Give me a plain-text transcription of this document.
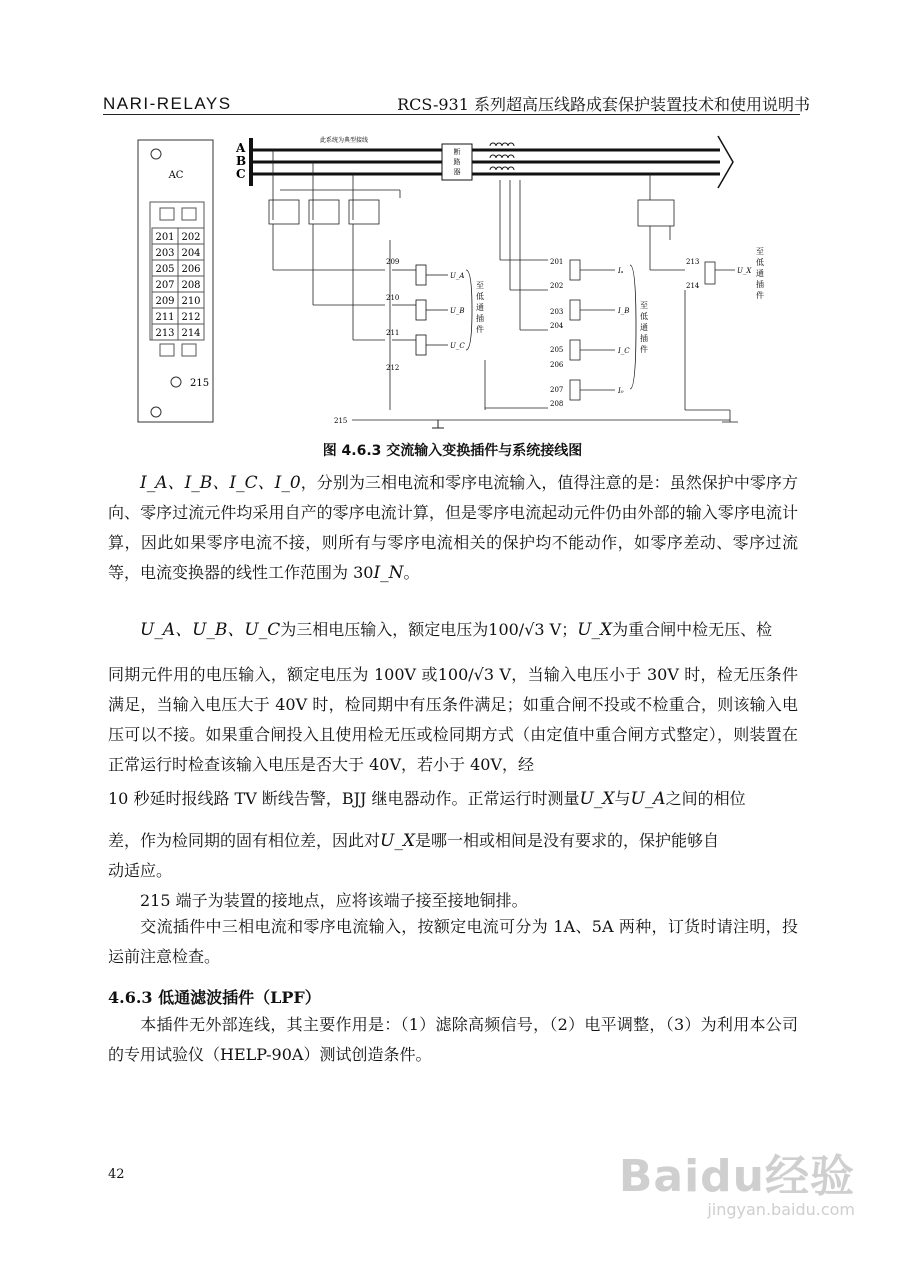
NARI-RELAYS	RCS-931 系列超高压线路成套保护装置技术和使用说明书
AC
201 202
203 204
205 206
207 208
209 210
211 212
213 214
215
A
B
C
此系统为典型接线
断
路
器
209
210
211
212
U_A
U_B
U_C
至
低
通
插
件
201
202
203
204
205
206
207
208
Iₐ
I_B
I_C
I₀
至
低
通
插
件
213
214
U_X
至
低
通
插
件
215
图 4.6.3 交流输入变换插件与系统接线图
I_A、I_B、I_C、I_0，分别为三相电流和零序电流输入，值得注意的是：虽然保护中零序方向、零序过流元件均采用自产的零序电流计算，但是零序电流起动元件仍由外部的输入零序电流计算，因此如果零序电流不接，则所有与零序电流相关的保护均不能动作，如零序差动、零序过流等，电流变换器的线性工作范围为 30I_N。
U_A、U_B、U_C为三相电压输入，额定电压为100/√3 V；U_X为重合闸中检无压、检
同期元件用的电压输入，额定电压为 100V 或100/√3 V，当输入电压小于 30V 时，检无压条件满足，当输入电压大于 40V 时，检同期中有压条件满足；如重合闸不投或不检重合，则该输入电压可以不接。如果重合闸投入且使用检无压或检同期方式（由定值中重合闸方式整定），则装置在正常运行时检查该输入电压是否大于 40V，若小于 40V，经
10 秒延时报线路 TV 断线告警，BJJ 继电器动作。正常运行时测量U_X与U_A之间的相位
差，作为检同期的固有相位差，因此对U_X是哪一相或相间是没有要求的，保护能够自
动适应。
215 端子为装置的接地点，应将该端子接至接地铜排。
交流插件中三相电流和零序电流输入，按额定电流可分为 1A、5A 两种，订货时请注明，投运前注意检查。
4.6.3 低通滤波插件（LPF）
本插件无外部连线，其主要作用是：（1）滤除高频信号，（2）电平调整，（3）为利用本公司的专用试验仪（HELP-90A）测试创造条件。
42	Baidu经验
jingyan.baidu.com
